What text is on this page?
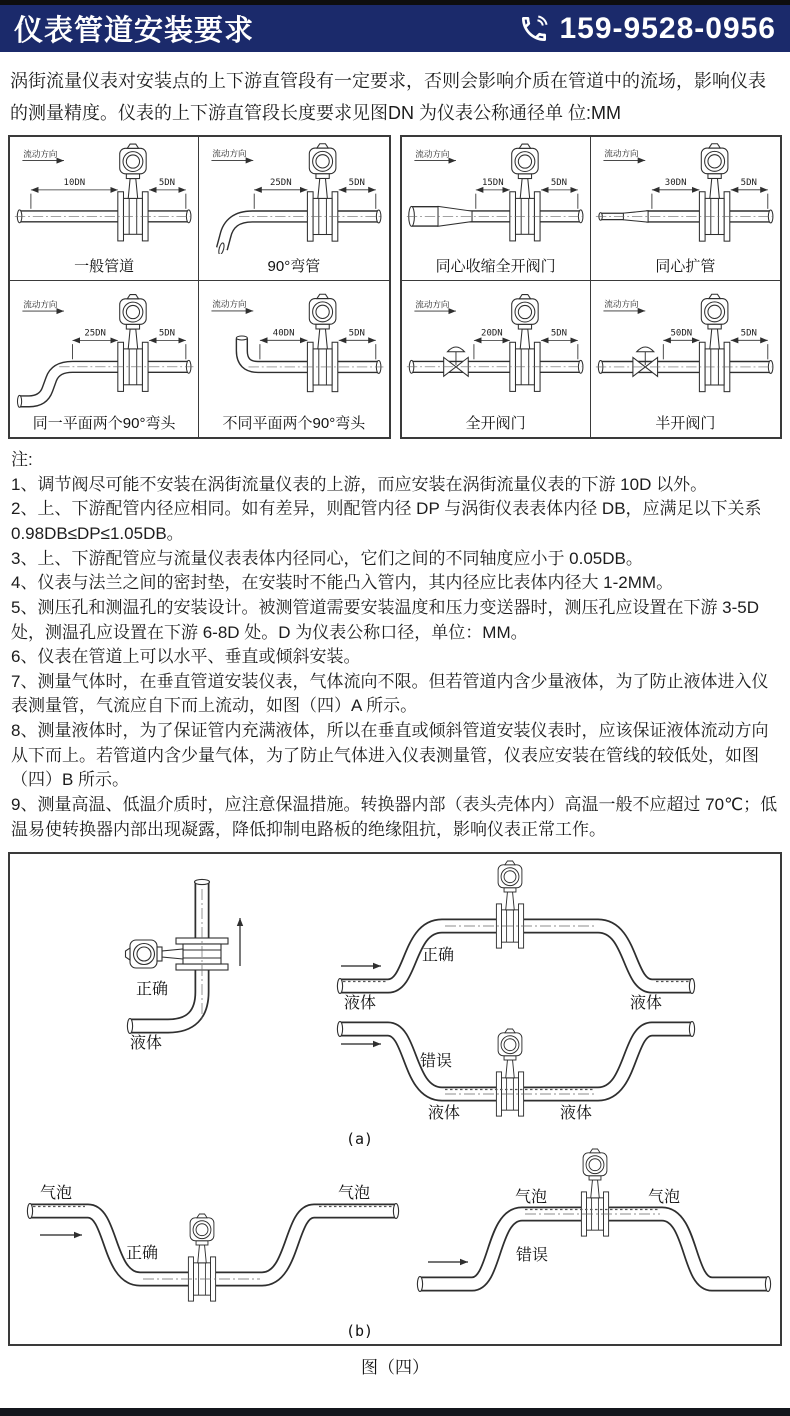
仪表管道安装要求	159-9528-0956
涡街流量仪表对安装点的上下游直管段有一定要求，否则会影响介质在管道中的流场，影响仪表的测量精度。仪表的上下游直管段长度要求见图DN 为仪表公称通径单 位:MM
流动方向
10DN	5DN
一般管道
流动方向
25DN	5DN
90°弯管
流动方向
25DN	5DN
同一平面两个90°弯头
流动方向
40DN	5DN
不同平面两个90°弯头
流动方向
15DN	5DN
同心收缩全开阀门
流动方向
30DN	5DN
同心扩管
流动方向
20DN	5DN
全开阀门
流动方向
50DN	5DN
半开阀门
注:
1、调节阀尽可能不安装在涡街流量仪表的上游，而应安装在涡街流量仪表的下游 10D 以外。
2、上、下游配管内径应相同。如有差异，则配管内径 DP 与涡街仪表表体内径 DB，应满足以下关系 0.98DB≤DP≤1.05DB。
3、上、下游配管应与流量仪表表体内径同心，它们之间的不同轴度应小于 0.05DB。
4、仪表与法兰之间的密封垫，在安装时不能凸入管内，其内径应比表体内径大 1-2MM。
5、测压孔和测温孔的安装设计。被测管道需要安装温度和压力变送器时，测压孔应设置在下游 3-5D 处，测温孔应设置在下游 6-8D 处。D 为仪表公称口径，单位：MM。
6、仪表在管道上可以水平、垂直或倾斜安装。
7、测量气体时，在垂直管道安装仪表，气体流向不限。但若管道内含少量液体，为了防止液体进入仪 表测量管，气流应自下而上流动，如图（四）A 所示。
8、测量液体时，为了保证管内充满液体，所以在垂直或倾斜管道安装仪表时，应该保证液体流动方向 从下而上。若管道内含少量气体，为了防止气体进入仪表测量管，仪表应安装在管线的较低处，如图（四）B 所示。
9、测量高温、低温介质时，应注意保温措施。转换器内部（表头壳体内）高温一般不应超过 70℃；低温易使转换器内部出现凝露，降低抑制电路板的绝缘阻抗，影响仪表正常工作。
正确
液体
正确
液体	液体
错误
液体	液体
(a)
气泡	气泡
正确
气泡	气泡
错误
(b)
图（四）
